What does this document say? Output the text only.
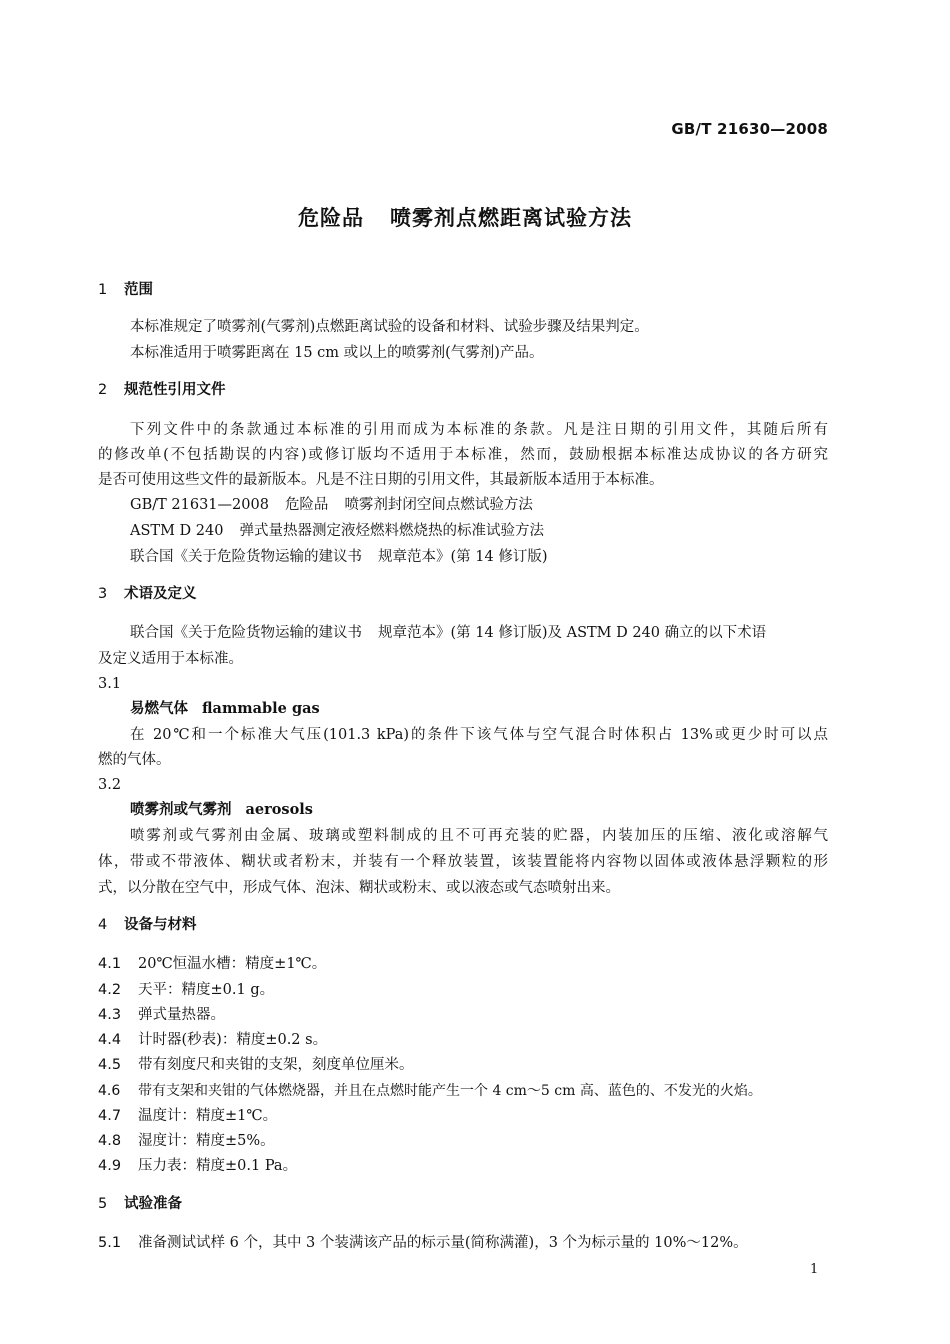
GB/T 21630—2008
危险品 喷雾剂点燃距离试验方法
1 范围
本标准规定了喷雾剂(气雾剂)点燃距离试验的设备和材料、试验步骤及结果判定。
本标准适用于喷雾距离在 15 cm 或以上的喷雾剂(气雾剂)产品。
2 规范性引用文件
下列文件中的条款通过本标准的引用而成为本标准的条款。凡是注日期的引用文件，其随后所有
的修改单(不包括勘误的内容)或修订版均不适用于本标准，然而，鼓励根据本标准达成协议的各方研究
是否可使用这些文件的最新版本。凡是不注日期的引用文件，其最新版本适用于本标准。
GB/T 21631—2008 危险品 喷雾剂封闭空间点燃试验方法
ASTM D 240 弹式量热器测定液烃燃料燃烧热的标准试验方法
联合国《关于危险货物运输的建议书 规章范本》(第 14 修订版)
3 术语及定义
联合国《关于危险货物运输的建议书 规章范本》(第 14 修订版)及 ASTM D 240 确立的以下术语
及定义适用于本标准。
3.1
易燃气体 flammable gas
在 20℃和一个标准大气压(101.3 kPa)的条件下该气体与空气混合时体积占 13%或更少时可以点
燃的气体。
3.2
喷雾剂或气雾剂 aerosols
喷雾剂或气雾剂由金属、玻璃或塑料制成的且不可再充装的贮器，内装加压的压缩、液化或溶解气
体，带或不带液体、糊状或者粉末，并装有一个释放装置，该装置能将内容物以固体或液体悬浮颗粒的形
式，以分散在空气中，形成气体、泡沫、糊状或粉末、或以液态或气态喷射出来。
4 设备与材料
4.1 20℃恒温水槽：精度±1℃。
4.2 天平：精度±0.1 g。
4.3 弹式量热器。
4.4 计时器(秒表)：精度±0.2 s。
4.5 带有刻度尺和夹钳的支架，刻度单位厘米。
4.6 带有支架和夹钳的气体燃烧器，并且在点燃时能产生一个 4 cm～5 cm 高、蓝色的、不发光的火焰。
4.7 温度计：精度±1℃。
4.8 湿度计：精度±5%。
4.9 压力表：精度±0.1 Pa。
5 试验准备
5.1 准备测试试样 6 个，其中 3 个装满该产品的标示量(简称满灌)，3 个为标示量的 10%～12%。
1
